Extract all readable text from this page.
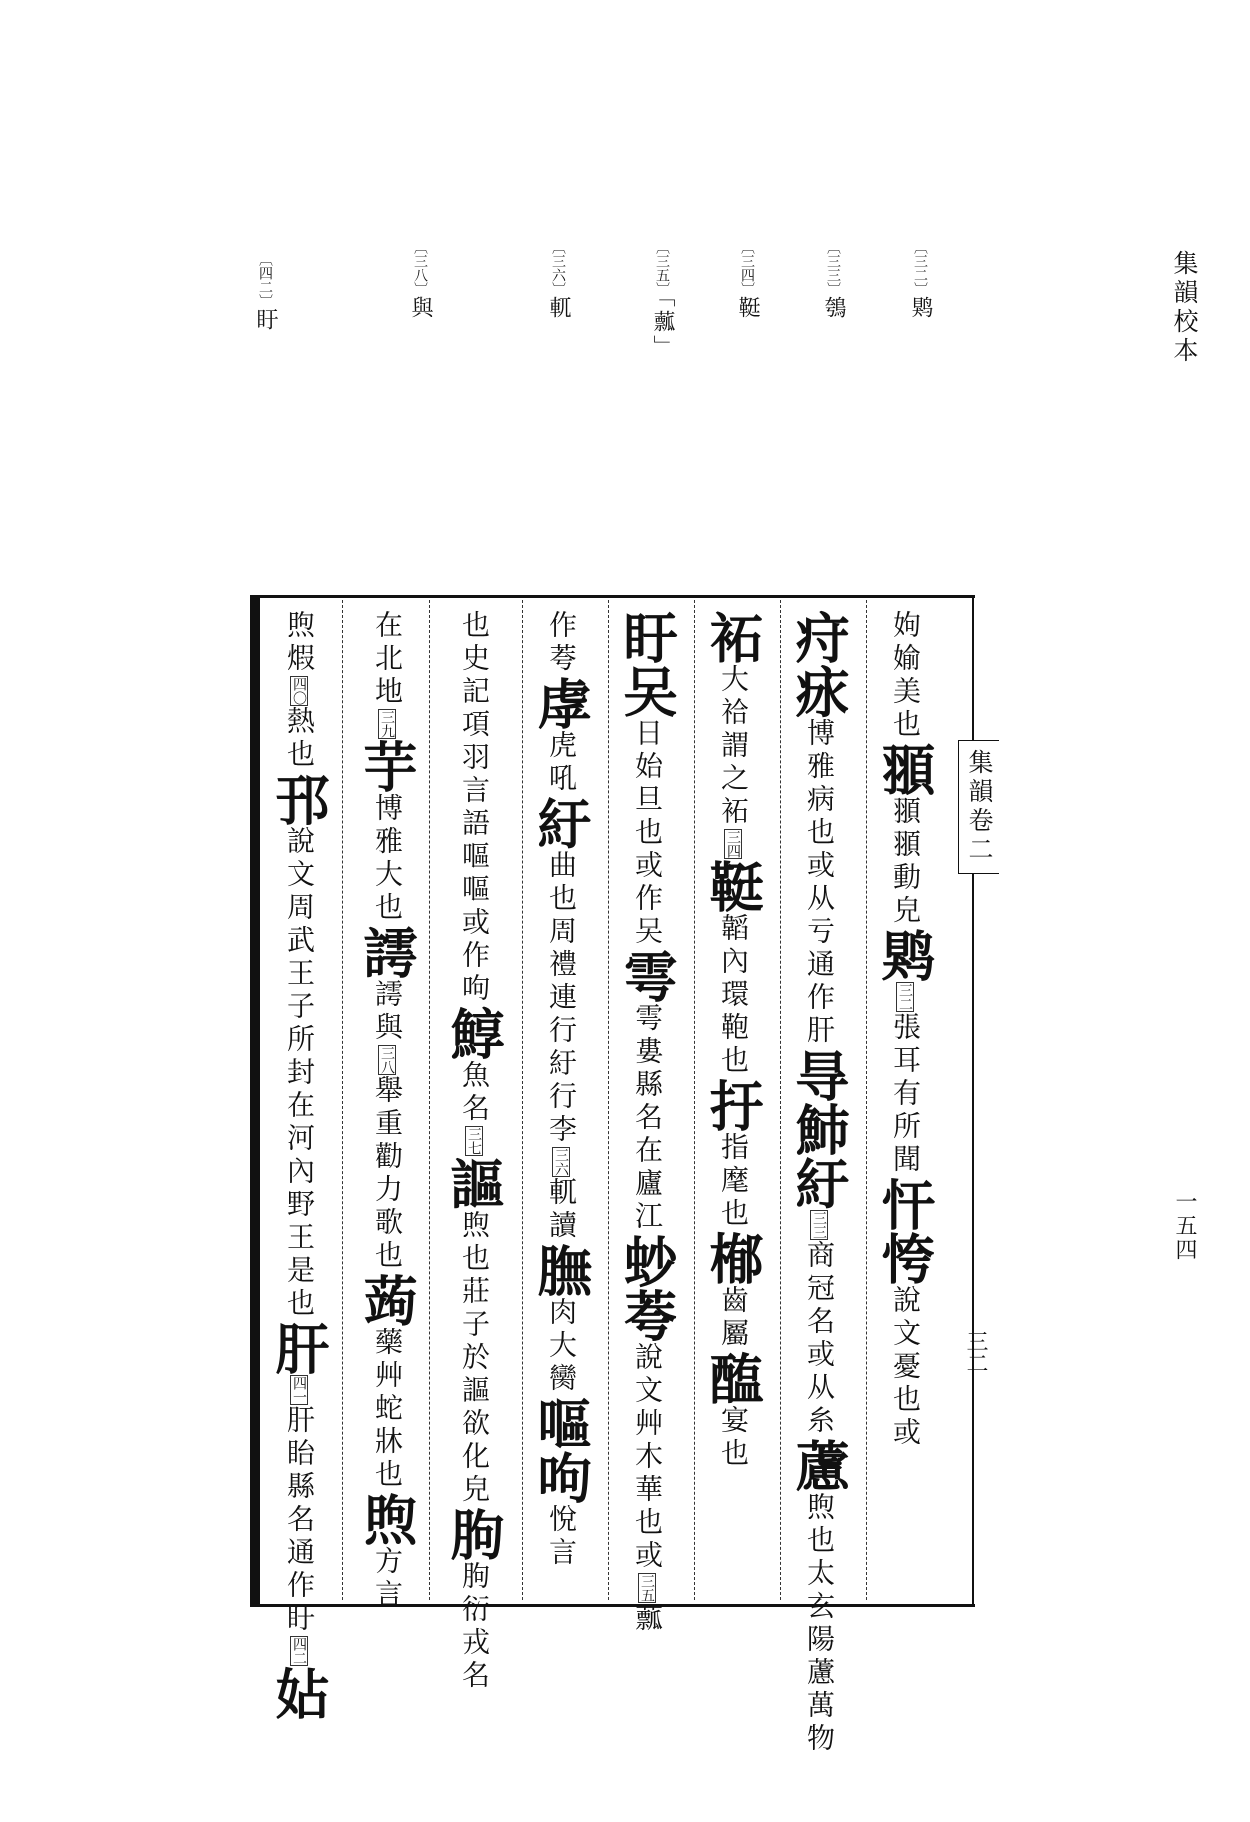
集韻校本
一五四
〔三二〕䴗
〔三三〕鴮
〔三四〕䩠
〔三五〕「䕯」
〔三六〕軏
〔三八〕與
〔四二〕盱
集韻卷二
三二
姁媮美也頨頨頨動皃䴗三二張耳有所聞忓恗說文憂也或
疛㽷博雅病也或从亏通作肝㝵䰽紆三三商冠名或从糸藘煦也太玄陽藘萬物
袥大祫謂之袥三四䩠韜內環鞄也扜指麾也㮋齒屬醢宴也
盱㕦日始旦也或作㕦雩雩婁縣名在廬江䖢荂說文艸木華也或三五䕯
作荂虖虎吼紆曲也周禮連行紆行李三六軏讀膴肉大臠嘔呴悅言
也史記項羽言語嘔嘔或作呴鯙魚名三七謳煦也莊子於謳欲化皃朐朐衍戎名
在北地三九芋博雅大也謣謣與三八舉重勸力歌也蒟藥艸蛇牀也煦方言
煦煆四〇熱也邘說文周武王子所封在河內野王是也肝四一肝眙縣名通作盱四二㚲
